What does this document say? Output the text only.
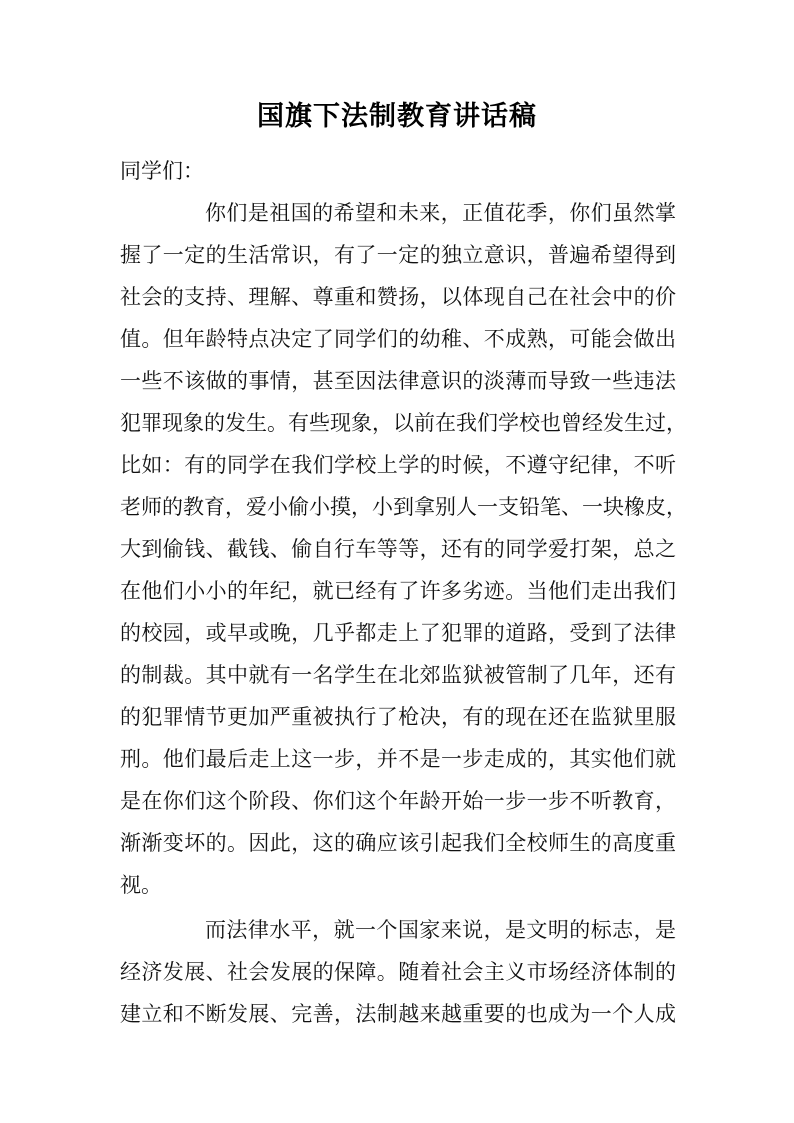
国旗下法制教育讲话稿
同学们：
你们是祖国的希望和未来，正值花季，你们虽然掌
握了一定的生活常识，有了一定的独立意识，普遍希望得到
社会的支持、理解、尊重和赞扬，以体现自己在社会中的价
值。但年龄特点决定了同学们的幼稚、不成熟，可能会做出
一些不该做的事情，甚至因法律意识的淡薄而导致一些违法
犯罪现象的发生。有些现象，以前在我们学校也曾经发生过，
比如：有的同学在我们学校上学的时候，不遵守纪律，不听
老师的教育，爱小偷小摸，小到拿别人一支铅笔、一块橡皮，
大到偷钱、截钱、偷自行车等等，还有的同学爱打架，总之
在他们小小的年纪，就已经有了许多劣迹。当他们走出我们
的校园，或早或晚，几乎都走上了犯罪的道路，受到了法律
的制裁。其中就有一名学生在北郊监狱被管制了几年，还有
的犯罪情节更加严重被执行了枪决，有的现在还在监狱里服
刑。他们最后走上这一步，并不是一步走成的，其实他们就
是在你们这个阶段、你们这个年龄开始一步一步不听教育，
渐渐变坏的。因此，这的确应该引起我们全校师生的高度重
视。
而法律水平，就一个国家来说，是文明的标志，是
经济发展、社会发展的保障。随着社会主义市场经济体制的
建立和不断发展、完善，法制越来越重要的也成为一个人成
